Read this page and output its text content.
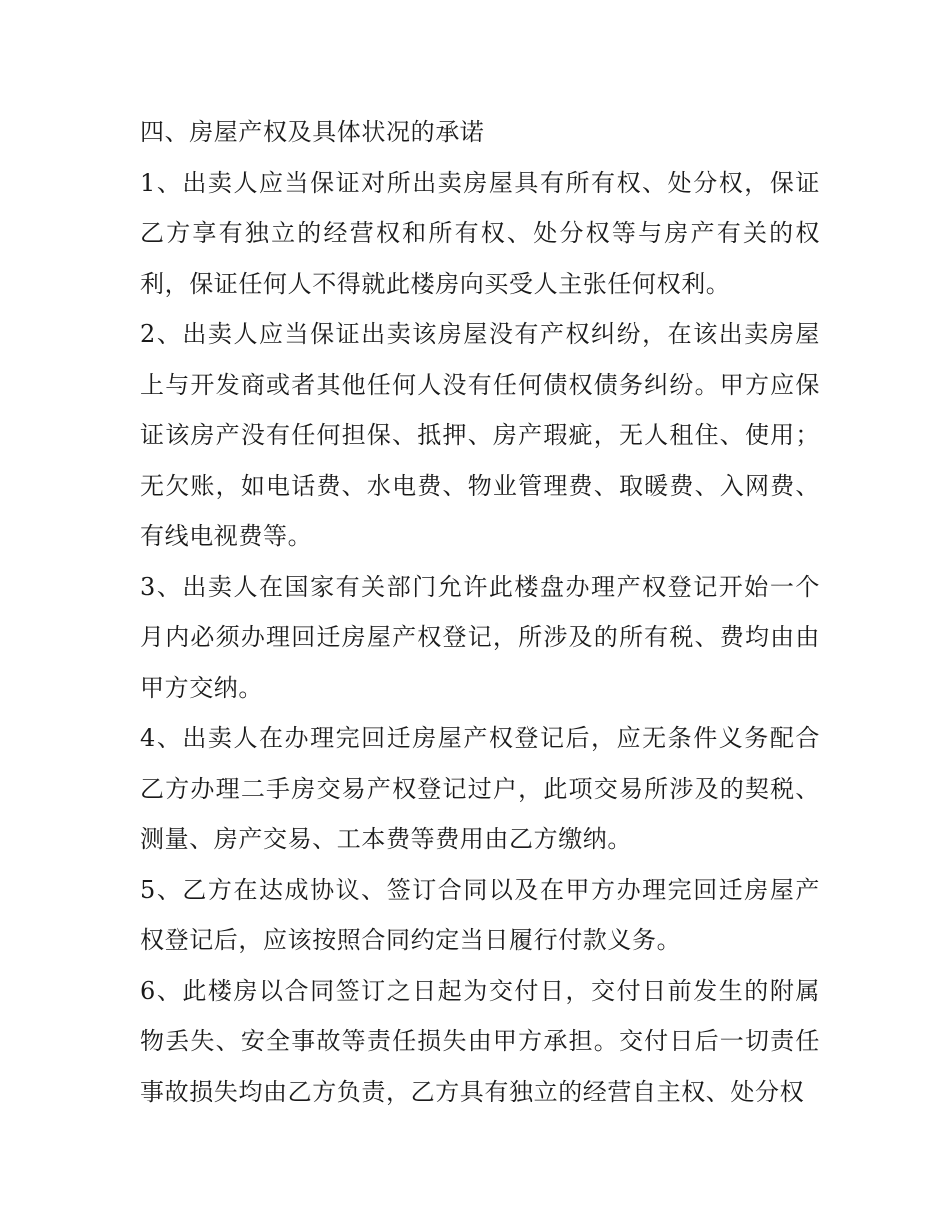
四、房屋产权及具体状况的承诺

1、出卖人应当保证对所出卖房屋具有所有权、处分权，保证乙方享有独立的经营权和所有权、处分权等与房产有关的权利，保证任何人不得就此楼房向买受人主张任何权利。

2、出卖人应当保证出卖该房屋没有产权纠纷，在该出卖房屋上与开发商或者其他任何人没有任何债权债务纠纷。甲方应保证该房产没有任何担保、抵押、房产瑕疵，无人租住、使用；无欠账，如电话费、水电费、物业管理费、取暖费、入网费、有线电视费等。

3、出卖人在国家有关部门允许此楼盘办理产权登记开始一个月内必须办理回迁房屋产权登记，所涉及的所有税、费均由由甲方交纳。

4、出卖人在办理完回迁房屋产权登记后，应无条件义务配合乙方办理二手房交易产权登记过户，此项交易所涉及的契税、测量、房产交易、工本费等费用由乙方缴纳。

5、乙方在达成协议、签订合同以及在甲方办理完回迁房屋产权登记后，应该按照合同约定当日履行付款义务。

6、此楼房以合同签订之日起为交付日，交付日前发生的附属物丢失、安全事故等责任损失由甲方承担。交付日后一切责任事故损失均由乙方负责，乙方具有独立的经营自主权、处分权
